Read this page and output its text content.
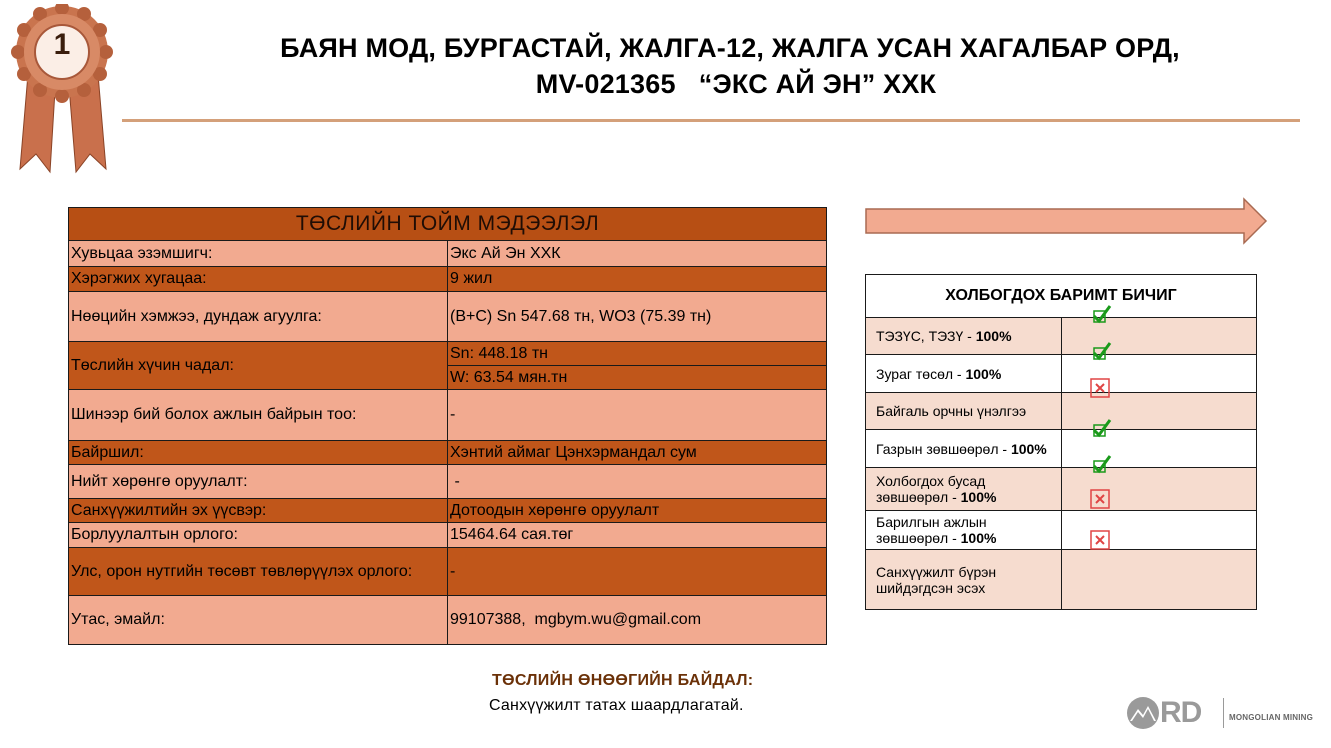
1	БАЯН МОД, БУРГАСТАЙ, ЖАЛГА-12, ЖАЛГА УСАН ХАГАЛБАР ОРД,
MV-021365   “ЭКС АЙ ЭН” ХХК
ТӨСЛИЙН ТОЙМ МЭДЭЭЛЭЛ	
Хувьцаа эзэмшигч:	Экс Ай Эн ХХК
Хэрэгжих хугацаа:	9 жил
Нөөцийн хэмжээ, дундаж агуулга:	(B+C) Sn 547.68 тн, WO3 (75.39 тн)
Төслийн хүчин чадал:	Sn: 448.18 тн
	W: 63.54 мян.тн
Шинээр бий болох ажлын байрын тоо:	-
Байршил:	Хэнтий аймаг Цэнхэрмандал сум
Нийт хөрөнгө оруулалт:	-
Санхүүжилтийн эх үүсвэр:	Дотоодын хөрөнгө оруулалт
Борлуулалтын орлого:	15464.64 сая.төг
Улс, орон нутгийн төсөвт төвлөрүүлэх орлого:	-
Утас, эмайл:	99107388,  mgbym.wu@gmail.com
ХОЛБОГДОХ БАРИМТ БИЧИГ	
ТЭЗҮС, ТЭЗҮ - 100%	

Зураг төсөл - 100%	

Байгаль орчны үнэлгээ	

Газрын зөвшөөрөл - 100%	

Холбогдох бусад зөвшөөрөл - 100%	

Барилгын ажлын зөвшөөрөл - 100%	

Санхүүжилт бүрэн шийдэгдсэн эсэх	
ТӨСЛИЙН ӨНӨӨГИЙН БАЙДАЛ:
Санхүүжилт татах шаардлагатай.	RD	MONGOLIAN MINING
